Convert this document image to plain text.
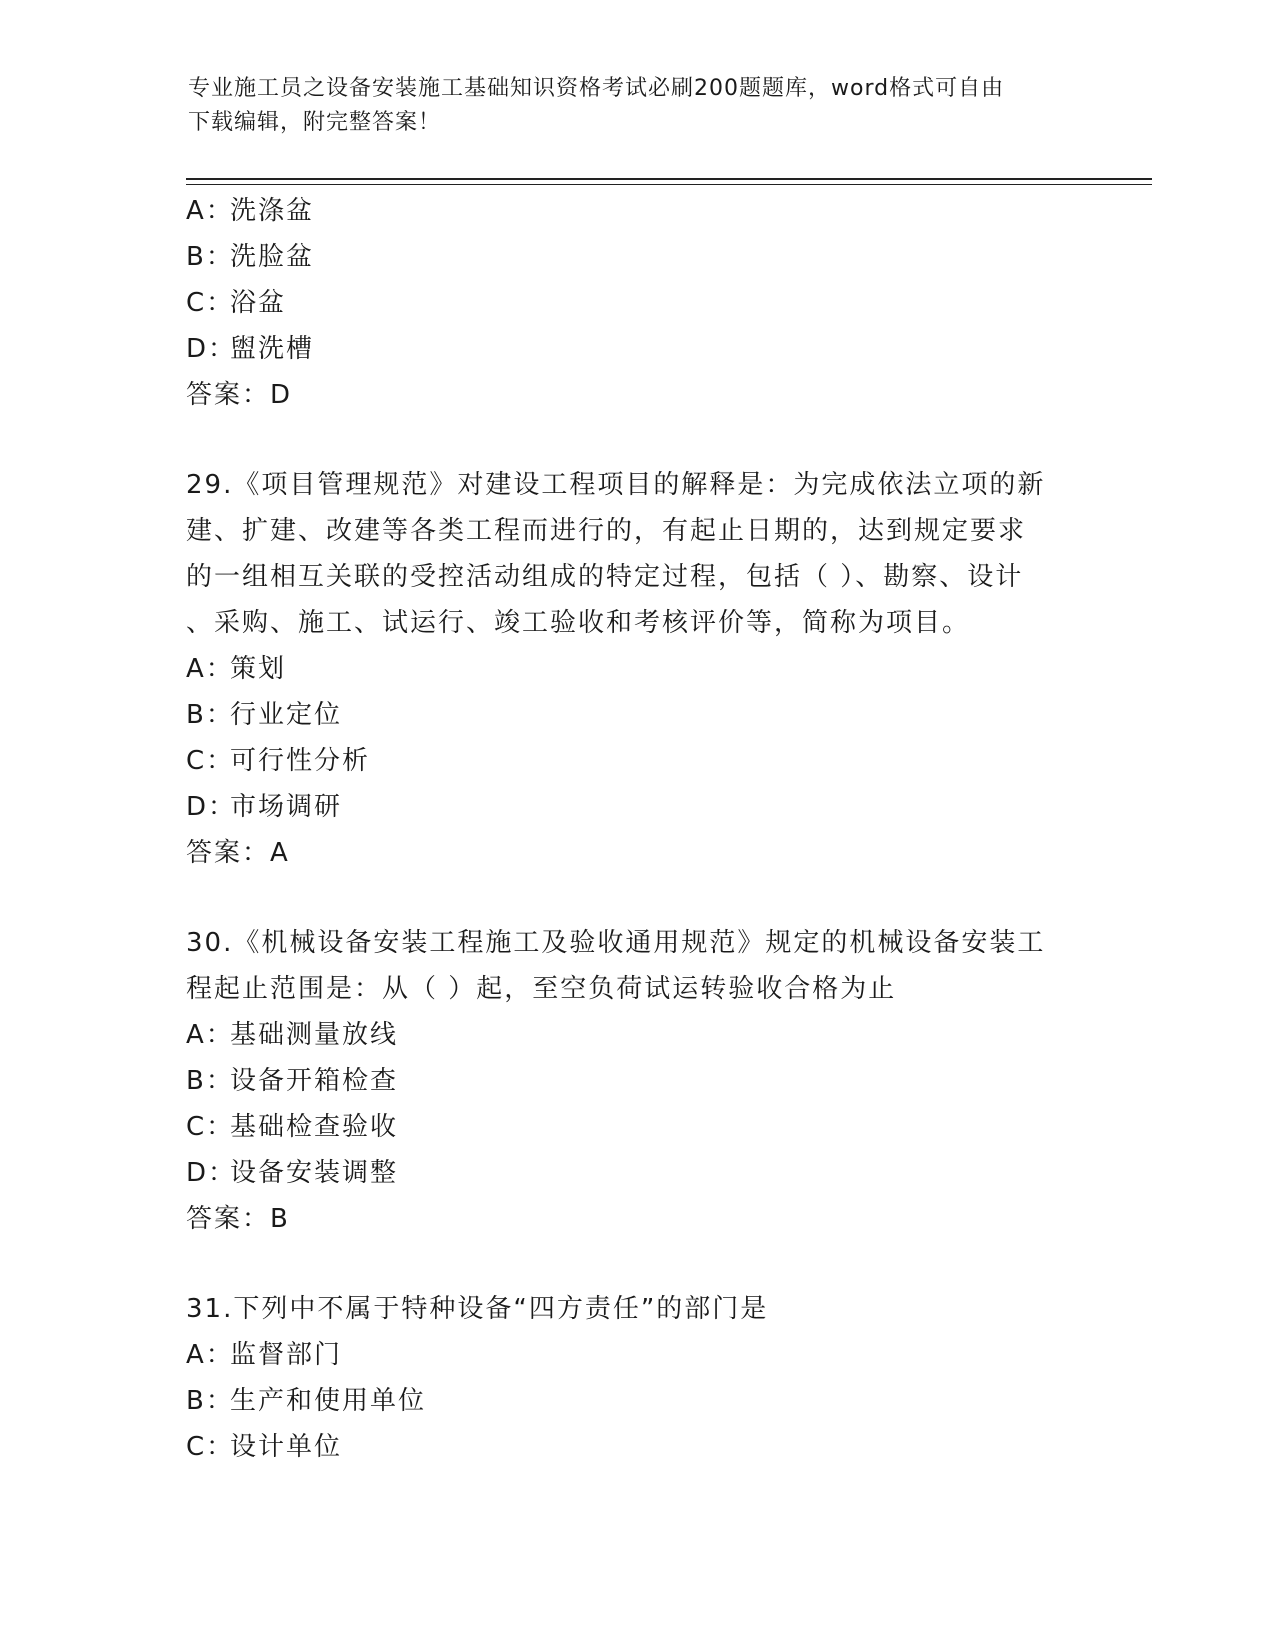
专业施工员之设备安装施工基础知识资格考试必刷200题题库，word格式可自由
下载编辑，附完整答案！
A：洗涤盆
B：洗脸盆
C：浴盆
D：盥洗槽
答案：D
29.《项目管理规范》对建设工程项目的解释是：为完成依法立项的新
建、扩建、改建等各类工程而进行的，有起止日期的，达到规定要求
的一组相互关联的受控活动组成的特定过程，包括（ ）、勘察、设计
、采购、施工、试运行、竣工验收和考核评价等，简称为项目。
A：策划
B：行业定位
C：可行性分析
D：市场调研
答案：A
30.《机械设备安装工程施工及验收通用规范》规定的机械设备安装工
程起止范围是：从（ ）起，至空负荷试运转验收合格为止
A：基础测量放线
B：设备开箱检查
C：基础检查验收
D：设备安装调整
答案：B
31.下列中不属于特种设备“四方责任”的部门是
A：监督部门
B：生产和使用单位
C：设计单位
